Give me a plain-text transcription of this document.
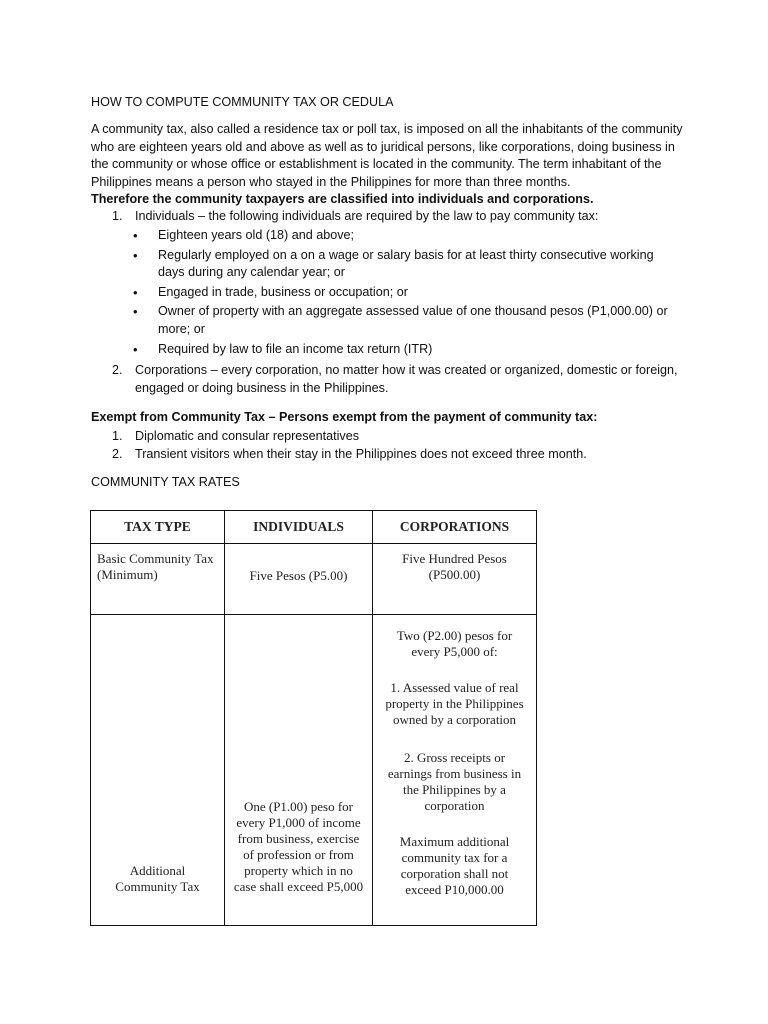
HOW TO COMPUTE COMMUNITY TAX OR CEDULA
A community tax, also called a residence tax or poll tax, is imposed on all the inhabitants of the community who are eighteen years old and above as well as to juridical persons, like corporations, doing business in the community or whose office or establishment is located in the community. The term inhabitant of the Philippines means a person who stayed in the Philippines for more than three months.
Therefore the community taxpayers are classified into individuals and corporations.
1. Individuals – the following individuals are required by the law to pay community tax:
• Eighteen years old (18) and above;
• Regularly employed on a on a wage or salary basis for at least thirty consecutive working days during any calendar year; or
• Engaged in trade, business or occupation; or
• Owner of property with an aggregate assessed value of one thousand pesos (P1,000.00) or more; or
• Required by law to file an income tax return (ITR)
2. Corporations – every corporation, no matter how it was created or organized, domestic or foreign, engaged or doing business in the Philippines.
Exempt from Community Tax – Persons exempt from the payment of community tax:
1. Diplomatic and consular representatives
2. Transient visitors when their stay in the Philippines does not exceed three month.
COMMUNITY TAX RATES
TAX TYPE	INDIVIDUALS	CORPORATIONS

Basic Community Tax (Minimum)	Five Pesos (P5.00)	Five Hundred Pesos (P500.00)

Additional Community Tax	One (P1.00) peso for every P1,000 of income from business, exercise of profession or from property which in no case shall exceed P5,000	Two (P2.00) pesos for every P5,000 of:

1. Assessed value of real property in the Philippines owned by a corporation

2. Gross receipts or earnings from business in the Philippines by a corporation

Maximum additional community tax for a corporation shall not exceed P10,000.00
